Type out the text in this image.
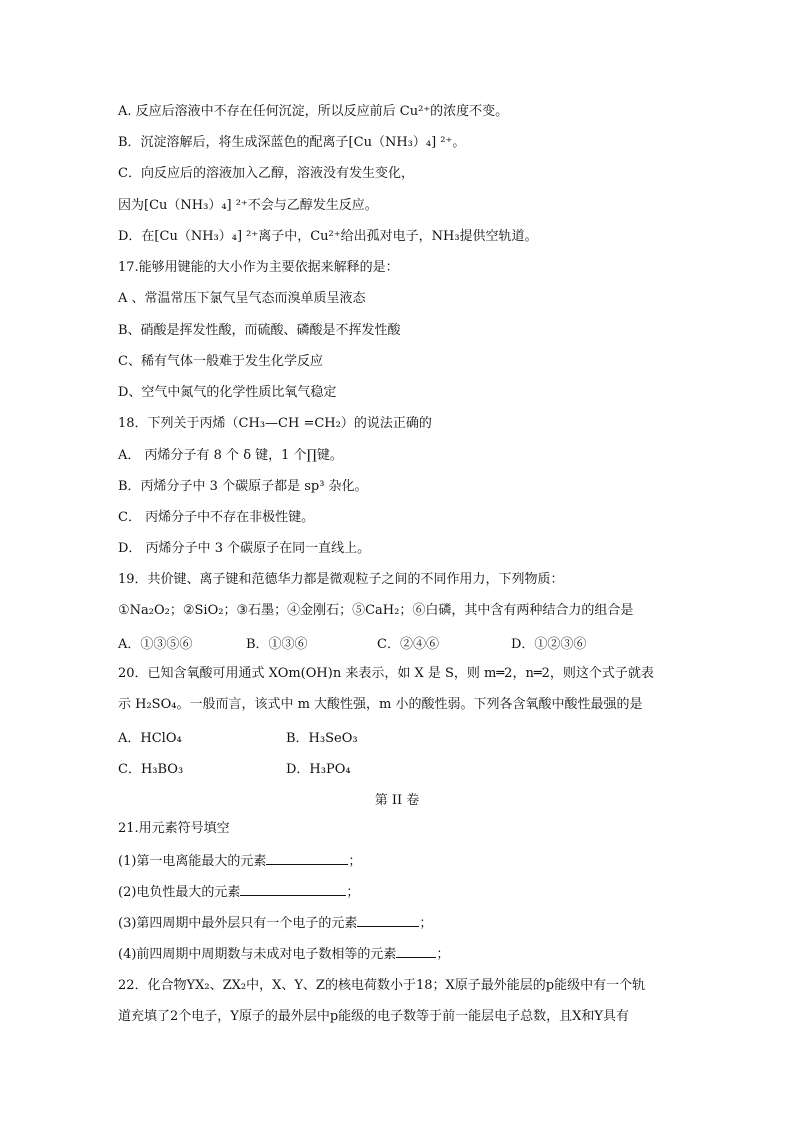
A. 反应后溶液中不存在任何沉淀，所以反应前后 Cu²⁺的浓度不变。
B．沉淀溶解后，将生成深蓝色的配离子[Cu（NH₃）₄] ²⁺。
C．向反应后的溶液加入乙醇，溶液没有发生变化，
因为[Cu（NH₃）₄] ²⁺不会与乙醇发生反应。
D．在[Cu（NH₃）₄] ²⁺离子中，Cu²⁺给出孤对电子，NH₃提供空轨道。
17.能够用键能的大小作为主要依据来解释的是：
A 、常温常压下氯气呈气态而溴单质呈液态
B、硝酸是挥发性酸，而硫酸、磷酸是不挥发性酸
C、稀有气体一般难于发生化学反应
D、空气中氮气的化学性质比氧气稳定
18．下列关于丙烯（CH₃—CH =CH₂）的说法正确的
A． 丙烯分子有 8 个 δ 键，1 个∏键。
B．丙烯分子中 3 个碳原子都是 sp³ 杂化。
C． 丙烯分子中不存在非极性键。
D． 丙烯分子中 3 个碳原子在同一直线上。
19．共价键、离子键和范德华力都是微观粒子之间的不同作用力，下列物质：
①Na₂O₂；②SiO₂；③石墨；④金刚石；⑤CaH₂；⑥白磷，其中含有两种结合力的组合是
A．①③⑤⑥	B．①③⑥	C．②④⑥	D．①②③⑥
20．已知含氧酸可用通式 XOm(OH)n 来表示，如 X 是 S，则 m═2，n═2，则这个式子就表
示 H₂SO₄。一般而言，该式中 m 大酸性强，m 小的酸性弱。下列各含氧酸中酸性最强的是
A．HClO₄	B．H₃SeO₃
C．H₃BO₃	D．H₃PO₄
第 II 卷
21.用元素符号填空
(1)第一电离能最大的元素	；
(2)电负性最大的元素	；
(3)第四周期中最外层只有一个电子的元素	；
(4)前四周期中周期数与未成对电子数相等的元素	；
22．化合物YX₂、ZX₂中，X、Y、Z的核电荷数小于18；X原子最外能层的p能级中有一个轨
道充填了2个电子，Y原子的最外层中p能级的电子数等于前一能层电子总数，且X和Y具有
